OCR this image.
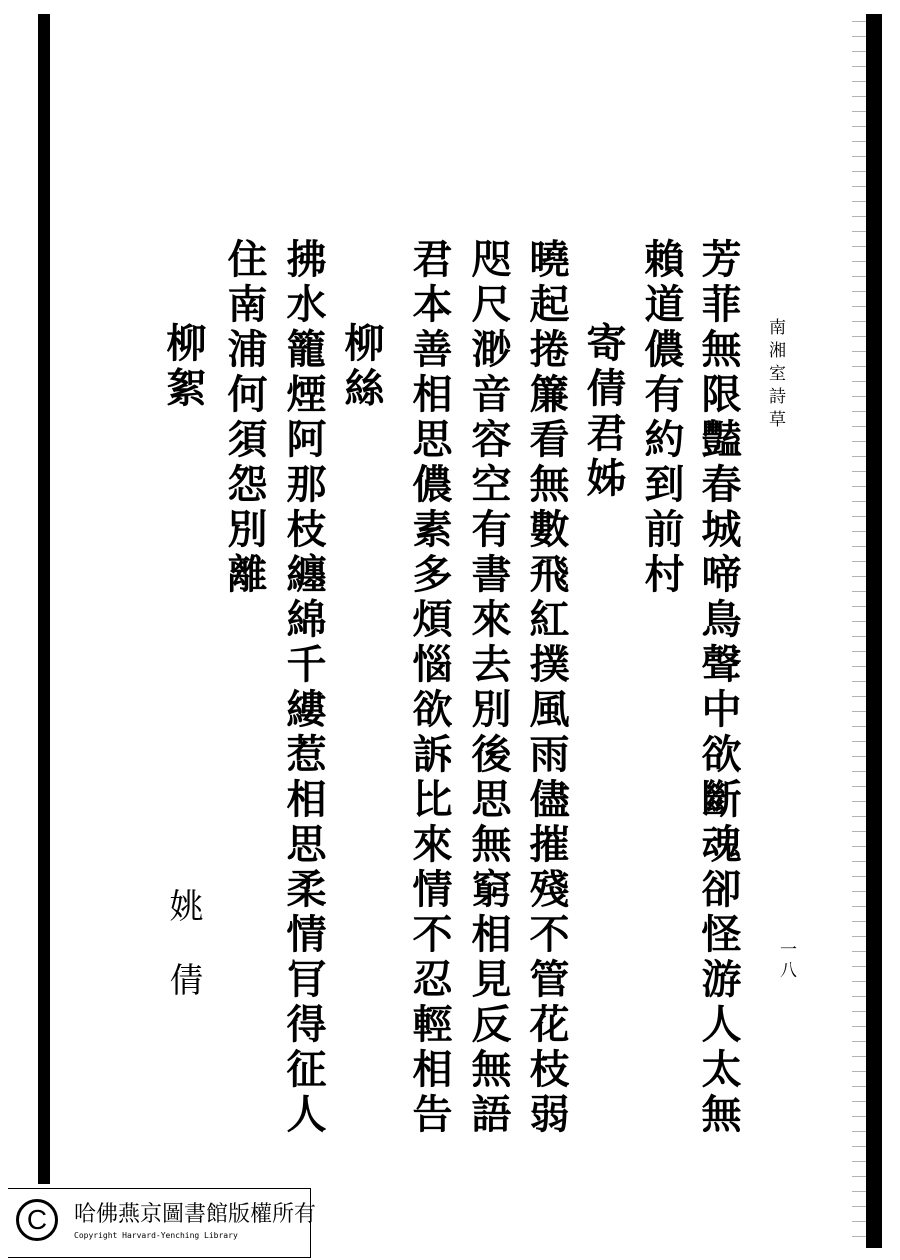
南湘室詩草
一八
芳菲無限豔春城啼鳥聲中欲斷魂卻怪游人太無
賴道儂有約到前村
寄倩君姊
曉起捲簾看無數飛紅撲風雨儘摧殘不管花枝弱
咫尺渺音容空有書來去別後思無窮相見反無語
君本善相思儂素多煩惱欲訴比來情不忍輕相告
柳絲
拂水籠煙阿那枝纏綿千縷惹相思柔情肎得征人
住南浦何須怨別離
柳絮
姚倩
C	哈佛燕京圖書館版權所有
Copyright Harvard-Yenching Library
